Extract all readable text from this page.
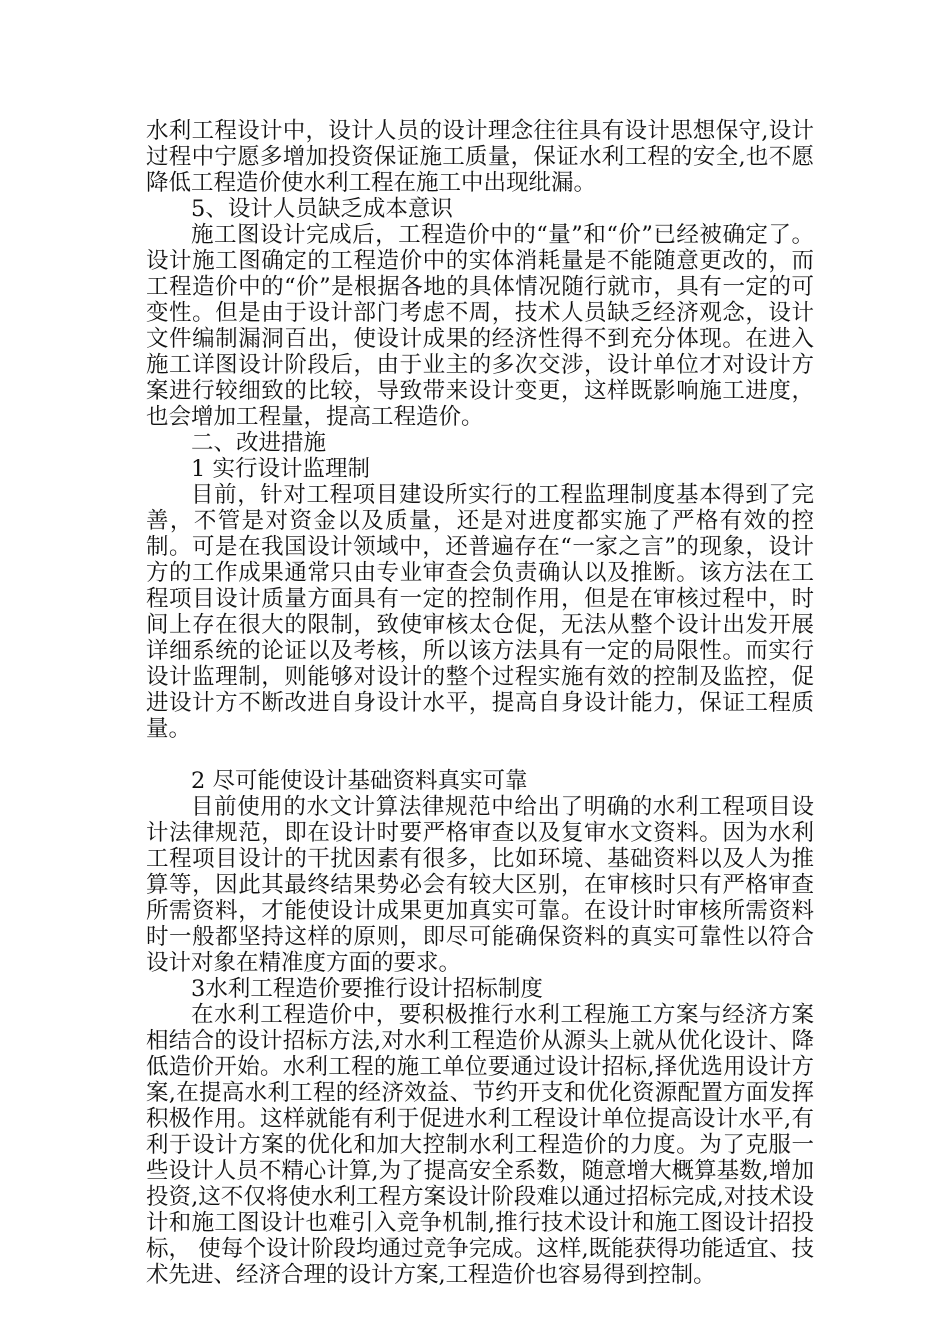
水利工程设计中，设计人员的设计理念往往具有设计思想保守,设计过程中宁愿多增加投资保证施工质量，保证水利工程的安全,也不愿降低工程造价使水利工程在施工中出现纰漏。

5、设计人员缺乏成本意识

施工图设计完成后，工程造价中的“量”和“价”已经被确定了。设计施工图确定的工程造价中的实体消耗量是不能随意更改的，而工程造价中的“价”是根据各地的具体情况随行就市，具有一定的可变性。但是由于设计部门考虑不周，技术人员缺乏经济观念，设计文件编制漏洞百出，使设计成果的经济性得不到充分体现。在进入施工详图设计阶段后，由于业主的多次交涉，设计单位才对设计方案进行较细致的比较，导致带来设计变更，这样既影响施工进度，也会增加工程量，提高工程造价。

二、改进措施

1 实行设计监理制

目前，针对工程项目建设所实行的工程监理制度基本得到了完善，不管是对资金以及质量，还是对进度都实施了严格有效的控制。可是在我国设计领域中，还普遍存在“一家之言”的现象，设计方的工作成果通常只由专业审查会负责确认以及推断。该方法在工程项目设计质量方面具有一定的控制作用，但是在审核过程中，时间上存在很大的限制，致使审核太仓促，无法从整个设计出发开展详细系统的论证以及考核，所以该方法具有一定的局限性。而实行设计监理制，则能够对设计的整个过程实施有效的控制及监控，促进设计方不断改进自身设计水平，提高自身设计能力，保证工程质量。

2 尽可能使设计基础资料真实可靠

目前使用的水文计算法律规范中给出了明确的水利工程项目设计法律规范，即在设计时要严格审查以及复审水文资料。因为水利工程项目设计的干扰因素有很多，比如环境、基础资料以及人为推算等，因此其最终结果势必会有较大区别，在审核时只有严格审查所需资料，才能使设计成果更加真实可靠。在设计时审核所需资料时一般都坚持这样的原则，即尽可能确保资料的真实可靠性以符合设计对象在精准度方面的要求。

3水利工程造价要推行设计招标制度

在水利工程造价中，要积极推行水利工程施工方案与经济方案相结合的设计招标方法,对水利工程造价从源头上就从优化设计、降低造价开始。水利工程的施工单位要通过设计招标,择优选用设计方案,在提高水利工程的经济效益、节约开支和优化资源配置方面发挥积极作用。这样就能有利于促进水利工程设计单位提高设计水平,有利于设计方案的优化和加大控制水利工程造价的力度。为了克服一些设计人员不精心计算,为了提高安全系数，随意增大概算基数,增加投资,这不仅将使水利工程方案设计阶段难以通过招标完成,对技术设计和施工图设计也难引入竞争机制,推行技术设计和施工图设计招投标， 使每个设计阶段均通过竞争完成。这样,既能获得功能适宜、技术先进、经济合理的设计方案,工程造价也容易得到控制。
